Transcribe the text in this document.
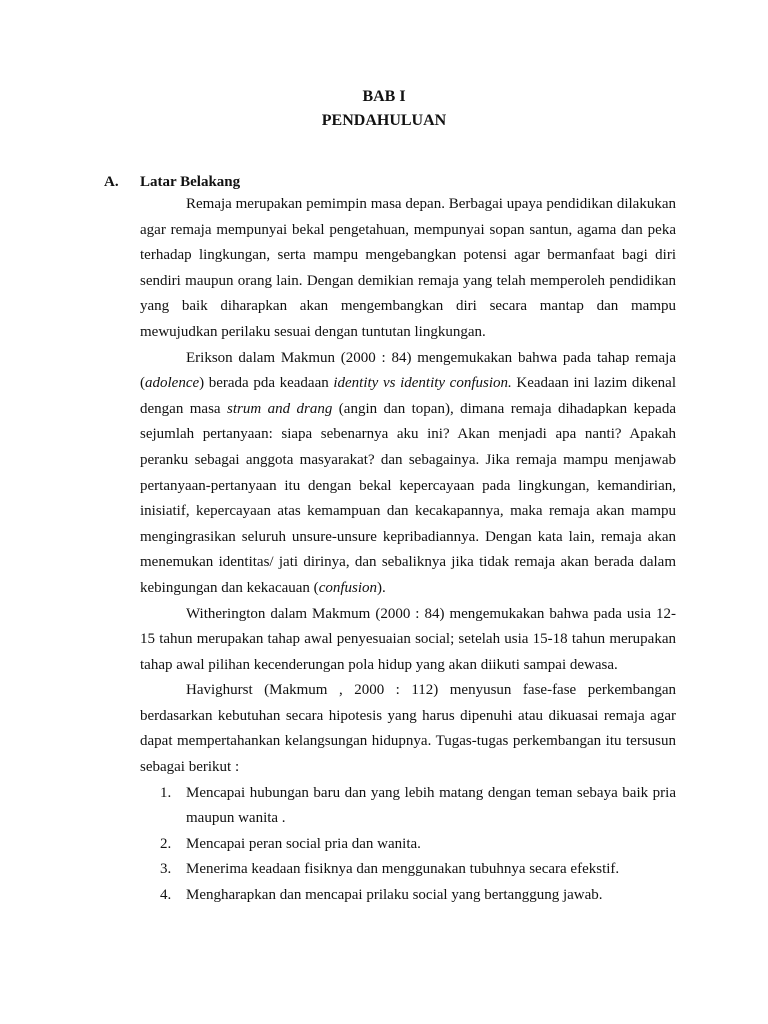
BAB I
PENDAHULUAN
A. Latar Belakang

Remaja merupakan pemimpin masa depan. Berbagai upaya pendidikan dilakukan agar remaja mempunyai bekal pengetahuan, mempunyai sopan santun, agama dan peka terhadap lingkungan, serta mampu mengebangkan potensi agar bermanfaat bagi diri sendiri maupun orang lain. Dengan demikian remaja yang telah memperoleh pendidikan yang baik diharapkan akan mengembangkan diri secara mantap dan mampu mewujudkan perilaku sesuai dengan tuntutan lingkungan.

Erikson dalam Makmun (2000 : 84) mengemukakan bahwa pada tahap remaja (adolence) berada pda keadaan identity vs identity confusion. Keadaan ini lazim dikenal dengan masa strum and drang (angin dan topan), dimana remaja dihadapkan kepada sejumlah pertanyaan: siapa sebenarnya aku ini? Akan menjadi apa nanti? Apakah peranku sebagai anggota masyarakat? dan sebagainya. Jika remaja mampu menjawab pertanyaan-pertanyaan itu dengan bekal kepercayaan pada lingkungan, kemandirian, inisiatif, kepercayaan atas kemampuan dan kecakapannya, maka remaja akan mampu mengingrasikan seluruh unsure-unsure kepribadiannya. Dengan kata lain, remaja akan menemukan identitas/ jati dirinya, dan sebaliknya jika tidak remaja akan berada dalam kebingungan dan kekacauan (confusion).

Witherington dalam Makmum (2000 : 84) mengemukakan bahwa pada usia 12-15 tahun merupakan tahap awal penyesuaian social; setelah usia 15-18 tahun merupakan tahap awal pilihan kecenderungan pola hidup yang akan diikuti sampai dewasa.

Havighurst (Makmum , 2000 : 112) menyusun fase-fase perkembangan berdasarkan kebutuhan secara hipotesis yang harus dipenuhi atau dikuasai remaja agar dapat mempertahankan kelangsungan hidupnya. Tugas-tugas perkembangan itu tersusun sebagai berikut :

1. Mencapai hubungan baru dan yang lebih matang dengan teman sebaya baik pria maupun wanita .
2. Mencapai peran social pria dan wanita.
3. Menerima keadaan fisiknya dan menggunakan tubuhnya secara efekstif.
4. Mengharapkan dan mencapai prilaku social yang bertanggung jawab.
